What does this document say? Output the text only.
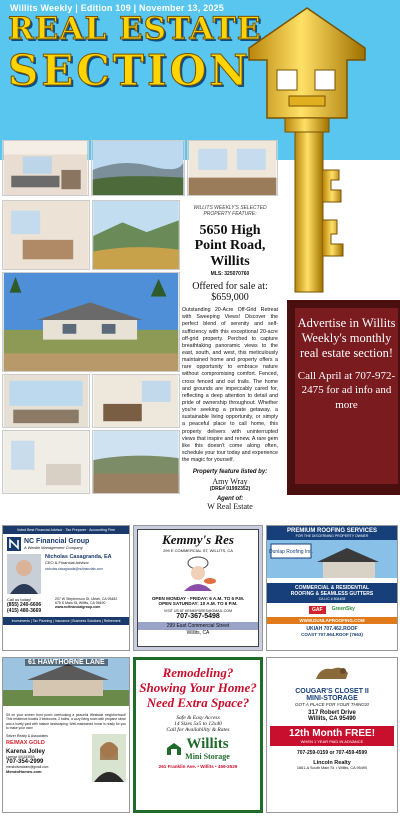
Willits Weekly | Edition 109 | November 13, 2025
REAL ESTATE
SECTION
WILLITS WEEKLY'S SELECTED PROPERTY FEATURE:
5650 High
Point Road,
Willits
MLS: 325070760
Offered for sale at:
$659,000
Outstanding 20-Acre Off-Grid Retreat with Sweeping Views! Discover the perfect blend of serenity and self-sufficiency with this exceptional 20-acre off-grid property. Perched to capture breathtaking panoramic views to the east, south, and west, this meticulously maintained home and property offers a rare opportunity to embrace nature without compromising comfort. Fenced, cross fenced and out trails. The home and grounds are impeccably cared for, reflecting a deep attention to detail and pride of ownership throughout. Whether you're seeking a private getaway, a sustainable living opportunity, or simply a peaceful place to call home, this property delivers with uninterrupted views that inspire and renew. A rare gem like this doesn't come along often, schedule your tour today and experience the magic for yourself.
Property feature listed by:
Amy Wray
(DRE# 01992352)
Agent of:
W Real Estate
Advertise in Willits Weekly's monthly real estate section!
Call April at 707-972-2475 for ad info and more
Voted Best Financial Advisor · Tax Preparer · Accounting Firm
NC Financial Group
A Wealth Management Company
Nicholas Casagranda, EA
CEO & Financial Advisor
nicholas.casagranda@ncfinancials.com
Call us today!
(855) 240-6606
(415) 480-3669
207 W Stephenson St, Ukiah, CA 95482
675 S Main St, Willits, CA 95490
www.ncfinancialgroup.com
Investments | Tax Planning | Insurance | Business Solutions | Retirement
Kemmy's Res
299 E COMMERCIAL ST, WILLITS, CA
OPEN MONDAY - FRIDAY: 6 A.M. TO 6 P.M.
OPEN SATURDAY: 10 A.M. TO 6 P.M.
VISIT US AT KEMMYSRES@GMAIL.COM
707-367-5498
299 East Commercial Street
Willits, CA
PREMIUM ROOFING SERVICES
FOR THE DISCERNING PROPERTY OWNER
Dunlap Roofing Inc.
COMMERCIAL & RESIDENTIAL
ROOFING & SEAMLESS GUTTERS
CA LIC # 804408
GAF	GreenSky
WWW.DUNLAPROOFING.COM
UKIAH 707.462.ROOF
COAST 707.964.ROOF (7663)
61 HAWTHORNE LANE
Sit on your screen front porch overlooking a peaceful Westside neighborhood! This residence boasts 3 bedrooms, 2 baths, a cozy living room with propane stove and a lovely yard with mature landscaping. Well-maintained home is ready for you to make your own!
Selzer Realty & Associates
RE/MAX GOLD
Karena Jolley
License #01183559
707-354-2999
mendolivesteam@gmail.com
MendoHomes.com
Remodeling?
Showing Your Home?
Need Extra Space?
Safe & Easy Access
14 Sizes 5x5 to 12x40
Call for Availability & Rates
Willits
Mini Storage
261 Franklin Ave. • Willits • 459-2529
COUGAR'S CLOSET II
MINI-STORAGE
GOT A PLACE FOR YOUR THINGS!
317 Robert Drive
Willits, CA 95490
12th Month FREE!
WHEN 1 YEAR PAID IN ADVANCE
707-259-0159 or 707-459-4599
Lincoln Realty
1661-A South Main St. • Willits, CA 95490
